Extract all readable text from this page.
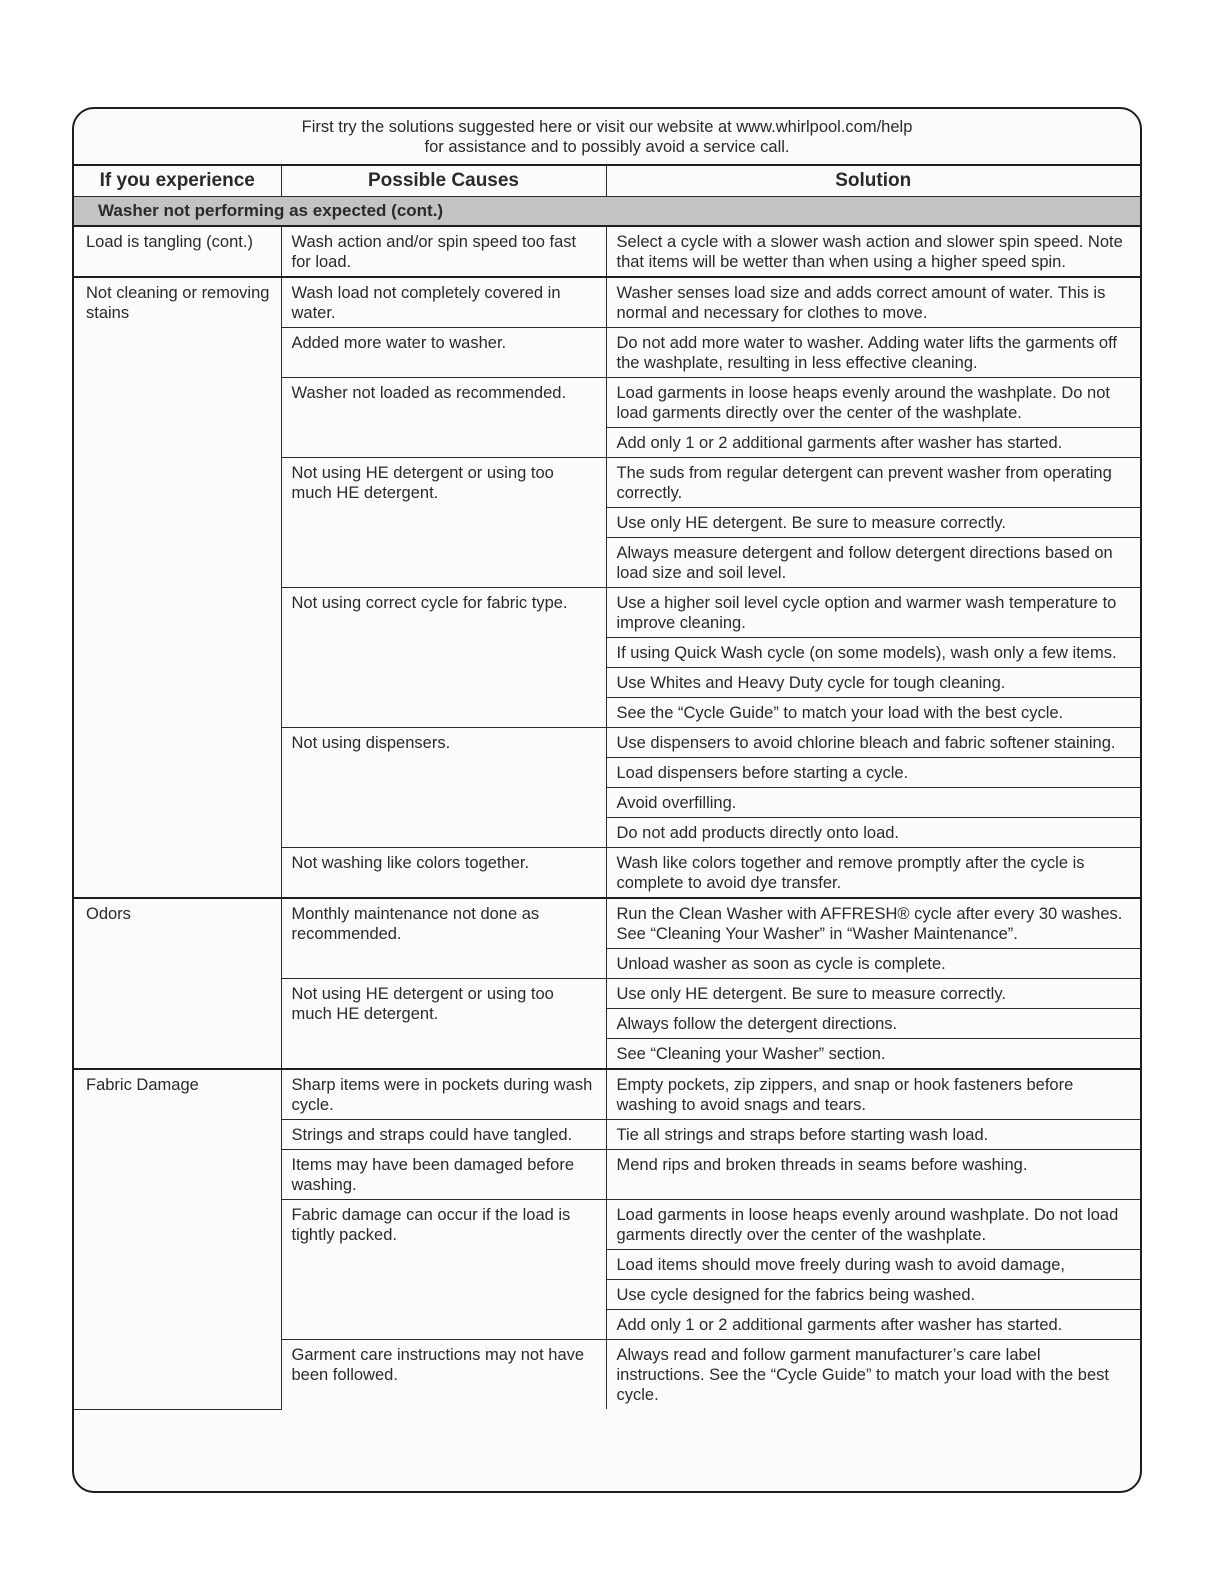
First try the solutions suggested here or visit our website at www.whirlpool.com/help
for assistance and to possibly avoid a service call.
If you experience	Possible Causes	Solution
Washer not performing as expected (cont.)		
Load is tangling (cont.)	Wash action and/or spin speed too fast for load.	Select a cycle with a slower wash action and slower spin speed. Note that items will be wetter than when using a higher speed spin.
Not cleaning or removing stains	Wash load not completely covered in water.	Washer senses load size and adds correct amount of water. This is normal and necessary for clothes to move.
	Added more water to washer.	Do not add more water to washer. Adding water lifts the garments off the washplate, resulting in less effective cleaning.
	Washer not loaded as recommended.	Load garments in loose heaps evenly around the washplate. Do not load garments directly over the center of the washplate.
		Add only 1 or 2 additional garments after washer has started.
	Not using HE detergent or using too much HE detergent.	The suds from regular detergent can prevent washer from operating correctly.
		Use only HE detergent. Be sure to measure correctly.
		Always measure detergent and follow detergent directions based on load size and soil level.
	Not using correct cycle for fabric type.	Use a higher soil level cycle option and warmer wash temperature to improve cleaning.
		If using Quick Wash cycle (on some models), wash only a few items.
		Use Whites and Heavy Duty cycle for tough cleaning.
		See the “Cycle Guide” to match your load with the best cycle.
	Not using dispensers.	Use dispensers to avoid chlorine bleach and fabric softener staining.
		Load dispensers before starting a cycle.
		Avoid overfilling.
		Do not add products directly onto load.
	Not washing like colors together.	Wash like colors together and remove promptly after the cycle is complete to avoid dye transfer.
Odors	Monthly maintenance not done as recommended.	Run the Clean Washer with AFFRESH® cycle after every 30 washes. See “Cleaning Your Washer” in “Washer Maintenance”.
		Unload washer as soon as cycle is complete.
	Not using HE detergent or using too much HE detergent.	Use only HE detergent. Be sure to measure correctly.
		Always follow the detergent directions.
		See “Cleaning your Washer” section.
Fabric Damage	Sharp items were in pockets during wash cycle.	Empty pockets, zip zippers, and snap or hook fasteners before washing to avoid snags and tears.
	Strings and straps could have tangled.	Tie all strings and straps before starting wash load.
	Items may have been damaged before washing.	Mend rips and broken threads in seams before washing.
	Fabric damage can occur if the load is tightly packed.	Load garments in loose heaps evenly around washplate. Do not load garments directly over the center of the washplate.
		Load items should move freely during wash to avoid damage,
		Use cycle designed for the fabrics being washed.
		Add only 1 or 2 additional garments after washer has started.
	Garment care instructions may not have been followed.	Always read and follow garment manufacturer’s care label instructions. See the “Cycle Guide” to match your load with the best cycle.
